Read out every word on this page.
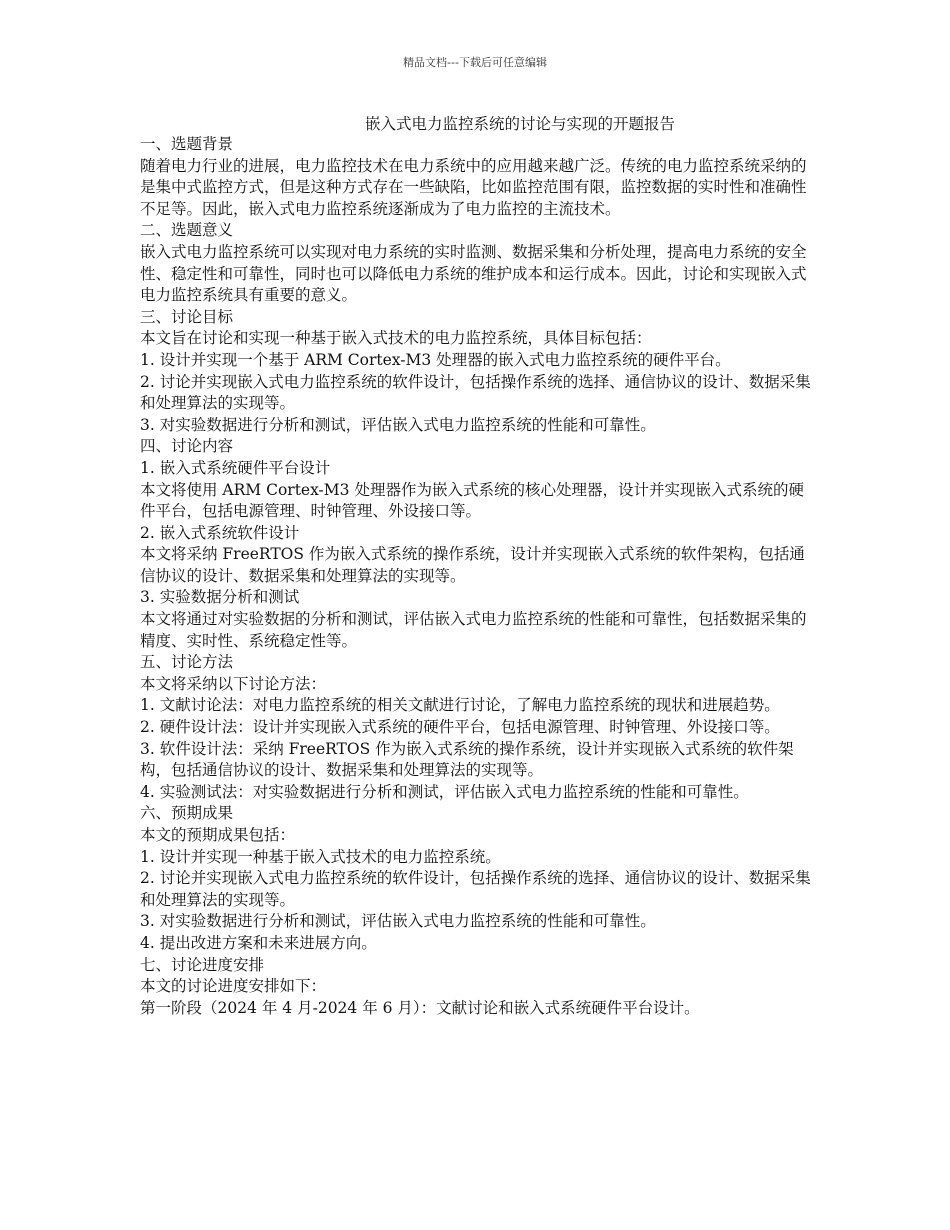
精品文档---下载后可任意编辑
嵌入式电力监控系统的讨论与实现的开题报告

一、选题背景

随着电力行业的进展，电力监控技术在电力系统中的应用越来越广泛。传统的电力监控系统采纳的是集中式监控方式，但是这种方式存在一些缺陷，比如监控范围有限，监控数据的实时性和准确性不足等。因此，嵌入式电力监控系统逐渐成为了电力监控的主流技术。

二、选题意义

嵌入式电力监控系统可以实现对电力系统的实时监测、数据采集和分析处理，提高电力系统的安全性、稳定性和可靠性，同时也可以降低电力系统的维护成本和运行成本。因此，讨论和实现嵌入式电力监控系统具有重要的意义。

三、讨论目标

本文旨在讨论和实现一种基于嵌入式技术的电力监控系统，具体目标包括：

1. 设计并实现一个基于 ARM Cortex-M3 处理器的嵌入式电力监控系统的硬件平台。

2. 讨论并实现嵌入式电力监控系统的软件设计，包括操作系统的选择、通信协议的设计、数据采集和处理算法的实现等。

3. 对实验数据进行分析和测试，评估嵌入式电力监控系统的性能和可靠性。

四、讨论内容

1. 嵌入式系统硬件平台设计

本文将使用 ARM Cortex-M3 处理器作为嵌入式系统的核心处理器，设计并实现嵌入式系统的硬件平台，包括电源管理、时钟管理、外设接口等。

2. 嵌入式系统软件设计

本文将采纳 FreeRTOS 作为嵌入式系统的操作系统，设计并实现嵌入式系统的软件架构，包括通信协议的设计、数据采集和处理算法的实现等。

3. 实验数据分析和测试

本文将通过对实验数据的分析和测试，评估嵌入式电力监控系统的性能和可靠性，包括数据采集的精度、实时性、系统稳定性等。

五、讨论方法

本文将采纳以下讨论方法：

1. 文献讨论法：对电力监控系统的相关文献进行讨论，了解电力监控系统的现状和进展趋势。

2. 硬件设计法：设计并实现嵌入式系统的硬件平台，包括电源管理、时钟管理、外设接口等。

3. 软件设计法：采纳 FreeRTOS 作为嵌入式系统的操作系统，设计并实现嵌入式系统的软件架构，包括通信协议的设计、数据采集和处理算法的实现等。

4. 实验测试法：对实验数据进行分析和测试，评估嵌入式电力监控系统的性能和可靠性。

六、预期成果

本文的预期成果包括：

1. 设计并实现一种基于嵌入式技术的电力监控系统。

2. 讨论并实现嵌入式电力监控系统的软件设计，包括操作系统的选择、通信协议的设计、数据采集和处理算法的实现等。

3. 对实验数据进行分析和测试，评估嵌入式电力监控系统的性能和可靠性。

4. 提出改进方案和未来进展方向。

七、讨论进度安排

本文的讨论进度安排如下：

第一阶段（2024 年 4 月-2024 年 6 月）：文献讨论和嵌入式系统硬件平台设计。
